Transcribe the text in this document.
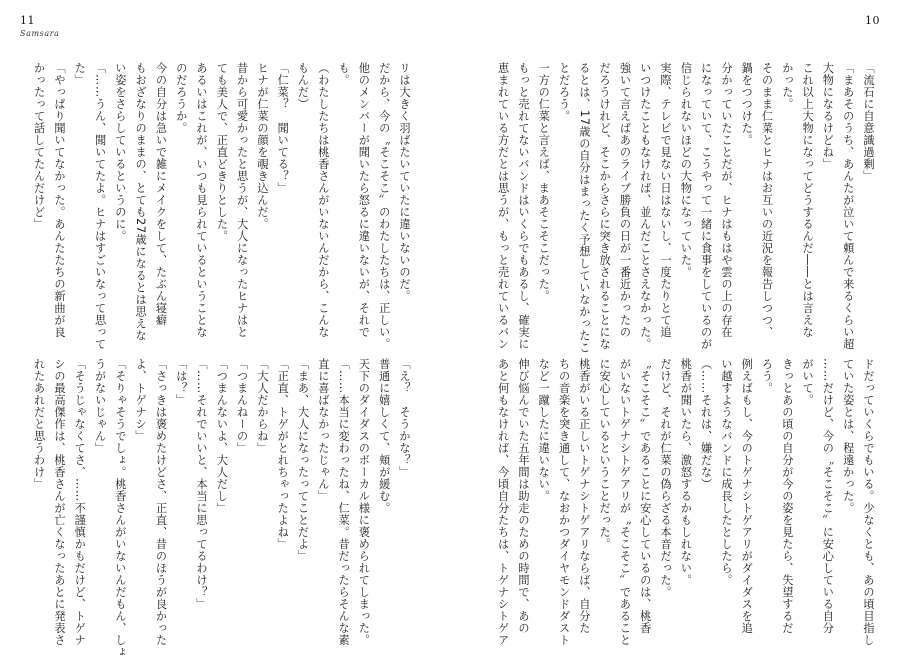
11
Samsara
リは大きく羽ばたいていたに違いないのだ。
だから、今の〝そこそこ〟のわたしたちは、正しい。
他のメンバーが聞いたら怒るに違いないが、それで
も。
（わたしたちは桃香さんがいないんだから、こんな
もんだ）
「仁菜？　聞いてる？」
ヒナが仁菜の顔を覗き込んだ。
昔から可愛かったと思うが、大人になったヒナはと
ても美人で、正直どきりとした。
あるいはこれが、いつも見られているということな
のだろうか。
今の自分は急いで雑にメイクをして、たぶん寝癖
もおざなりのままの、とても27歳になるとは思えな
い姿をさらしているというのに。
「……うん、聞いてたよ。ヒナはすごいなって思って
た」
「やっぱり聞いてなかった。あんたたちの新曲が良
かったって話してたんだけど」
「え？　そうかな？」
普通に嬉しくて、頬が緩む。
天下のダイダスのボーカル様に褒められてしまった。
「……本当に変わったね、仁菜。昔だったらそんな素
直に喜ばなかったじゃん」
「まあ、大人になったってことだよ」
「正直、トゲがとれちゃったよね」
「大人だからね」
「つまんねーの」
「つまんないよ、大人だし」
「……それでいいと、本当に思ってるわけ？」
「は？」
「さっきは褒めたけどさ、正直、昔のほうが良かった
よ、トゲナシ」
「そりゃそうでしょ。桃香さんがいないんだもん、しょ
うがないじゃん」
「そうじゃなくてさ、……不謹慎かもだけど、トゲナ
シの最高傑作は、桃香さんが亡くなったあとに発表さ
れたあれだと思うわけ」
10
「流石に自意識過剰」
「まあそのうち、あんたが泣いて頼んで来るくらい超
大物になるけどね」
これ以上大物になってどうするんだ――とは言えな
かった。
そのまま仁菜とヒナはお互いの近況を報告しつつ、
鍋をつつけた。
分かっていたことだが、ヒナはもはや雲の上の存在
になっていて、こうやって一緒に食事をしているのが
信じられないほどの大物になっていた。
実際、テレビで見ない日はないし、一度たりとて追
いつけたこともなければ、並んだことさえなかった。
強いて言えばあのライブ勝負の日が一番近かったの
だろうけれど、そこからさらに突き放されることにな
るとは、17歳の自分はまったく予想していなかったこ
とだろう。
一方の仁菜と言えば、まあそこそこだった。
もっと売れてないバンドはいくらでもあるし、確実に
恵まれている方だとは思うが、もっと売れているバン
ドだっていくらでもいる。少なくとも、あの頃目指し
ていた姿とは、程遠かった。
……だけど、今の〝そこそこ〟に安心している自分
がいて。
きっとあの頃の自分が今の姿を見たら、失望するだ
ろう。
例えばもし、今のトゲナシトゲアリがダイダスを追
い越すようなバンドに成長したとしたら。
（……それは、嫌だな）
桃香が聞いたら、激怒するかもしれない。
だけど、それが仁菜の偽らざる本音だった。
〝そこそこ〟であることに安心しているのは、桃香
がいないトゲナシトゲアリが〝そこそこ〟であること
に安心しているということだった。
桃香がいる正しいトゲナシトゲアリならば、自分た
ちの音楽を突き通して、なおかつダイヤモンドダスト
など一蹴したに違いない。
伸び悩んでいた五年間は助走のための時間で、あの
あと何もなければ、今頃自分たちは、トゲナシトゲア
